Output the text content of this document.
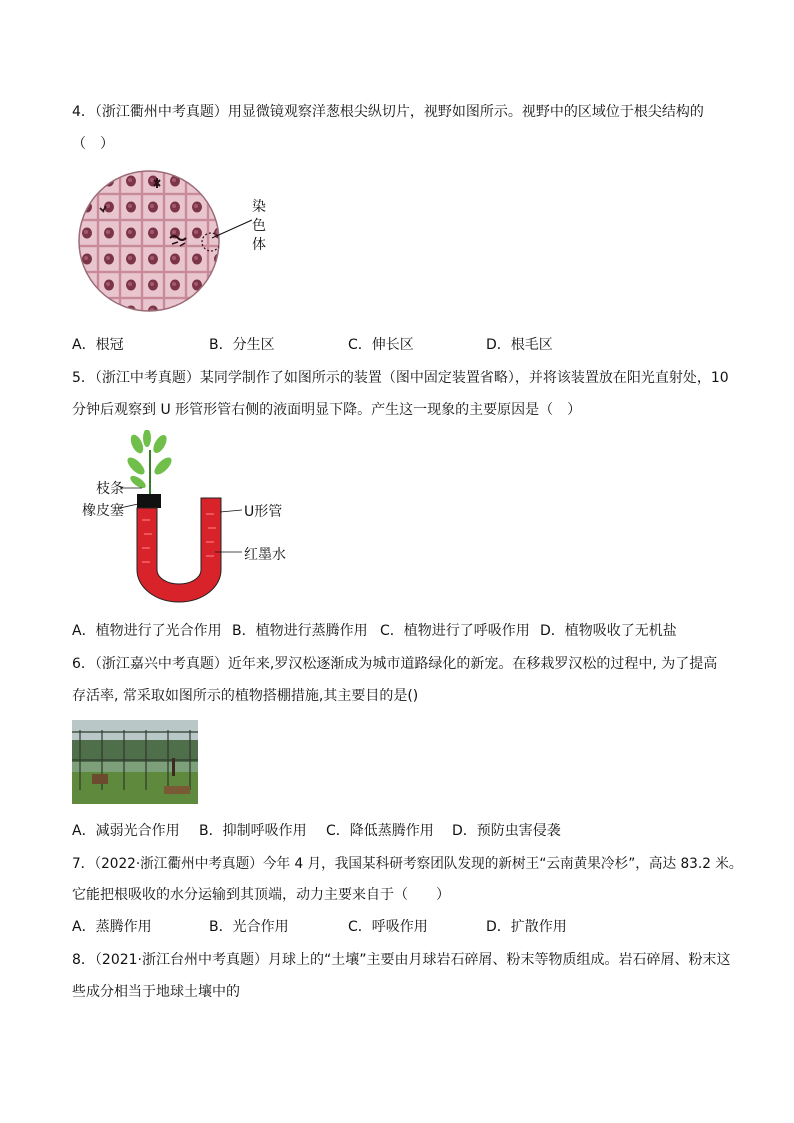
4．（浙江衢州中考真题）用显微镜观察洋葱根尖纵切片，视野如图所示。视野中的区域位于根尖结构的
（　）
染
色
体
A．根冠	B．分生区	C．伸长区	D．根毛区
5．（浙江中考真题）某同学制作了如图所示的装置（图中固定装置省略），并将该装置放在阳光直射处，10
分钟后观察到 U 形管形管右侧的液面明显下降。产生这一现象的主要原因是（　）
枝条
橡皮塞	U形管
红墨水
A．植物进行了光合作用 B．植物进行蒸腾作用 C．植物进行了呼吸作用 D．植物吸收了无机盐
6．（浙江嘉兴中考真题）近年来,罗汉松逐渐成为城市道路绿化的新宠。在移栽罗汉松的过程中, 为了提高
存活率, 常采取如图所示的植物搭棚措施,其主要目的是()
A．减弱光合作用 B．抑制呼吸作用 C．降低蒸腾作用 D．预防虫害侵袭
7．（2022·浙江衢州中考真题）今年 4 月，我国某科研考察团队发现的新树王“云南黄果冷杉”，高达 83.2 米。
它能把根吸收的水分运输到其顶端，动力主要来自于（　　）
A．蒸腾作用	B．光合作用	C．呼吸作用	D．扩散作用
8．（2021·浙江台州中考真题）月球上的“土壤”主要由月球岩石碎屑、粉末等物质组成。岩石碎屑、粉末这
些成分相当于地球土壤中的
